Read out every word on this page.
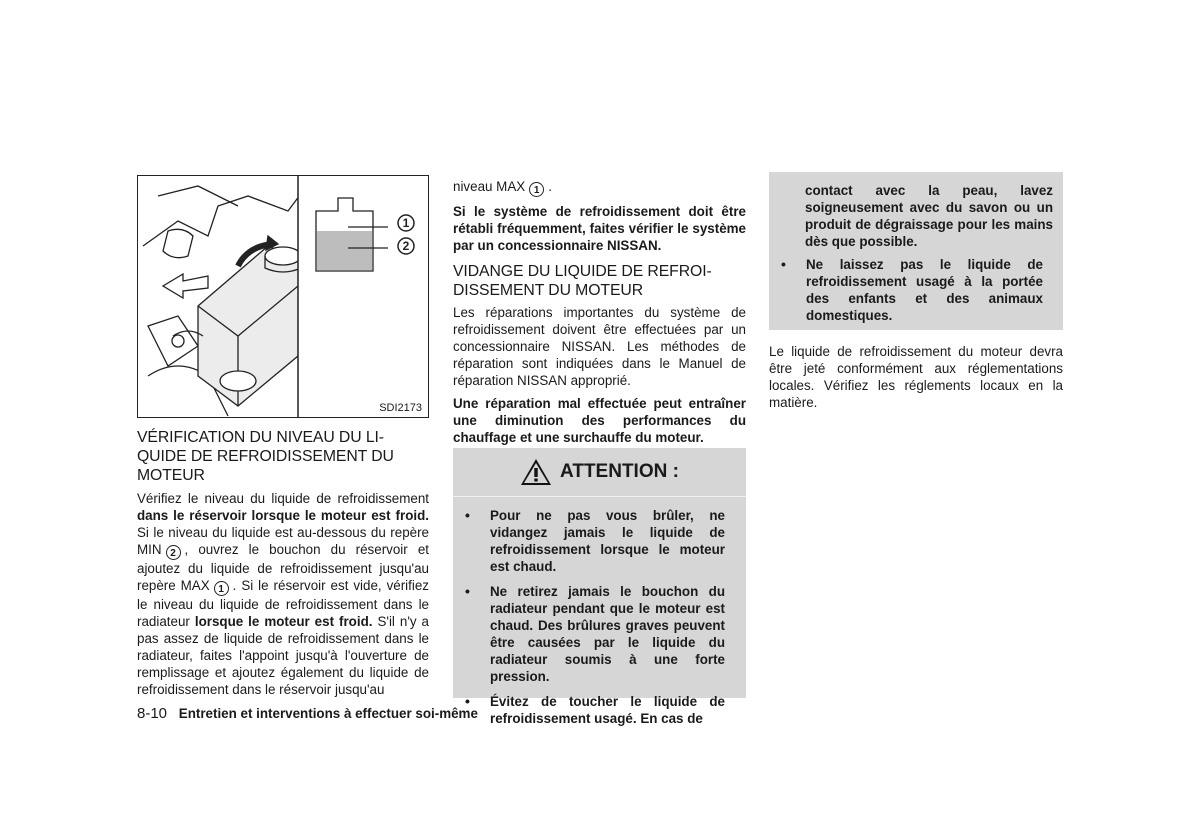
1
2
SDI2173
VÉRIFICATION DU NIVEAU DU LI-
QUIDE DE REFROIDISSEMENT DU
MOTEUR

Vérifiez le niveau du liquide de refroidissement dans le réservoir lorsque le moteur est froid. Si le niveau du liquide est au-dessous du repère MIN 2 , ouvrez le bouchon du réservoir et ajoutez du liquide de refroidissement jusqu'au repère MAX 1 . Si le réservoir est vide, vérifiez le niveau du liquide de refroidissement dans le radiateur lorsque le moteur est froid. S'il n'y a pas assez de liquide de refroidissement dans le radiateur, faites l'appoint jusqu'à l'ouverture de remplissage et ajoutez également du liquide de refroidissement dans le réservoir jusqu'au

niveau MAX 1 .

Si le système de refroidissement doit être rétabli fréquemment, faites vérifier le système par un concessionnaire NISSAN.

VIDANGE DU LIQUIDE DE REFROI-
DISSEMENT DU MOTEUR

Les réparations importantes du système de refroidissement doivent être effectuées par un concessionnaire NISSAN. Les méthodes de réparation sont indiquées dans le Manuel de réparation NISSAN approprié.

Une réparation mal effectuée peut entraîner une diminution des performances du chauffage et une surchauffe du moteur.

ATTENTION :
• Pour ne pas vous brûler, ne vidangez jamais le liquide de refroidissement lorsque le moteur est chaud.
• Ne retirez jamais le bouchon du radiateur pendant que le moteur est chaud. Des brûlures graves peuvent être causées par le liquide du radiateur soumis à une forte pression.
• Évitez de toucher le liquide de refroidissement usagé. En cas de
contact avec la peau, lavez soigneusement avec du savon ou un produit de dégraissage pour les mains dès que possible.
• Ne laissez pas le liquide de refroidissement usagé à la portée des enfants et des animaux domestiques.
Le liquide de refroidissement du moteur devra être jeté conformément aux réglementations locales. Vérifiez les réglements locaux en la matière.
8-10 Entretien et interventions à effectuer soi-même
